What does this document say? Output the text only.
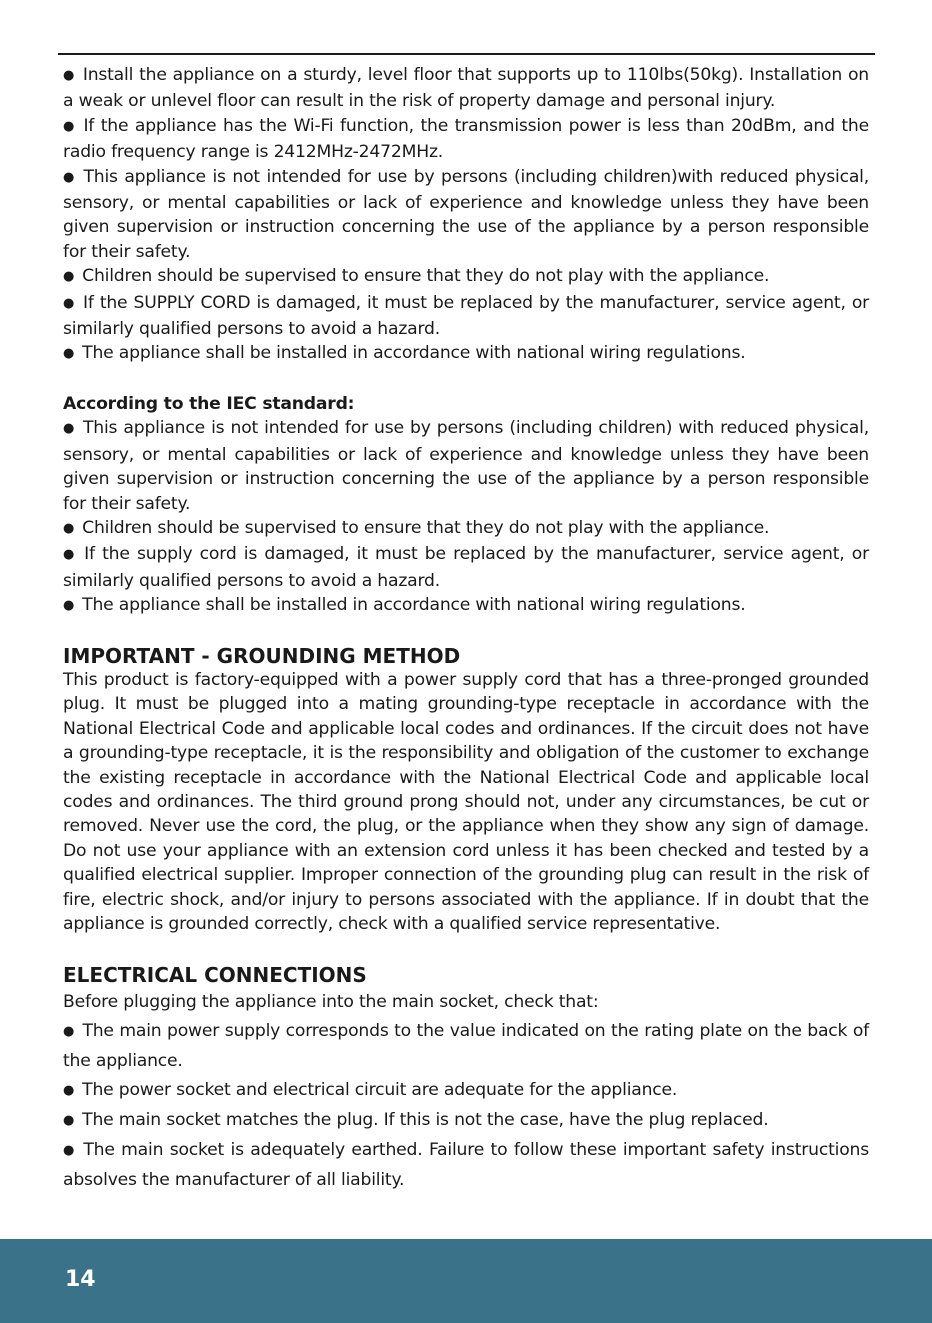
● Install the appliance on a sturdy, level floor that supports up to 110lbs(50kg). Installation on a weak or unlevel floor can result in the risk of property damage and personal injury.

● If the appliance has the Wi-Fi function, the transmission power is less than 20dBm, and the radio frequency range is 2412MHz-2472MHz.

● This appliance is not intended for use by persons (including children)with reduced physical, sensory, or mental capabilities or lack of experience and knowledge unless they have been given supervision or instruction concerning the use of the appliance by a person responsible for their safety.

● Children should be supervised to ensure that they do not play with the appliance.

● If the SUPPLY CORD is damaged, it must be replaced by the manufacturer, service agent, or similarly qualified persons to avoid a hazard.

● The appliance shall be installed in accordance with national wiring regulations.

According to the IEC standard:

● This appliance is not intended for use by persons (including children) with reduced physical, sensory, or mental capabilities or lack of experience and knowledge unless they have been given supervision or instruction concerning the use of the appliance by a person responsible for their safety.

● Children should be supervised to ensure that they do not play with the appliance.

● If the supply cord is damaged, it must be replaced by the manufacturer, service agent, or similarly qualified persons to avoid a hazard.

● The appliance shall be installed in accordance with national wiring regulations.

IMPORTANT - GROUNDING METHOD

This product is factory-equipped with a power supply cord that has a three-pronged grounded plug. It must be plugged into a mating grounding-type receptacle in accordance with the National Electrical Code and applicable local codes and ordinances. If the circuit does not have a grounding-type receptacle, it is the responsibility and obligation of the customer to exchange the existing receptacle in accordance with the National Electrical Code and applicable local codes and ordinances. The third ground prong should not, under any circumstances, be cut or removed. Never use the cord, the plug, or the appliance when they show any sign of damage. Do not use your appliance with an extension cord unless it has been checked and tested by a qualified electrical supplier. Improper connection of the grounding plug can result in the risk of fire, electric shock, and/or injury to persons associated with the appliance. If in doubt that the appliance is grounded correctly, check with a qualified service representative.

ELECTRICAL CONNECTIONS

Before plugging the appliance into the main socket, check that:

● The main power supply corresponds to the value indicated on the rating plate on the back of the appliance.

● The power socket and electrical circuit are adequate for the appliance.

● The main socket matches the plug. If this is not the case, have the plug replaced.

● The main socket is adequately earthed. Failure to follow these important safety instructions absolves the manufacturer of all liability.

14
